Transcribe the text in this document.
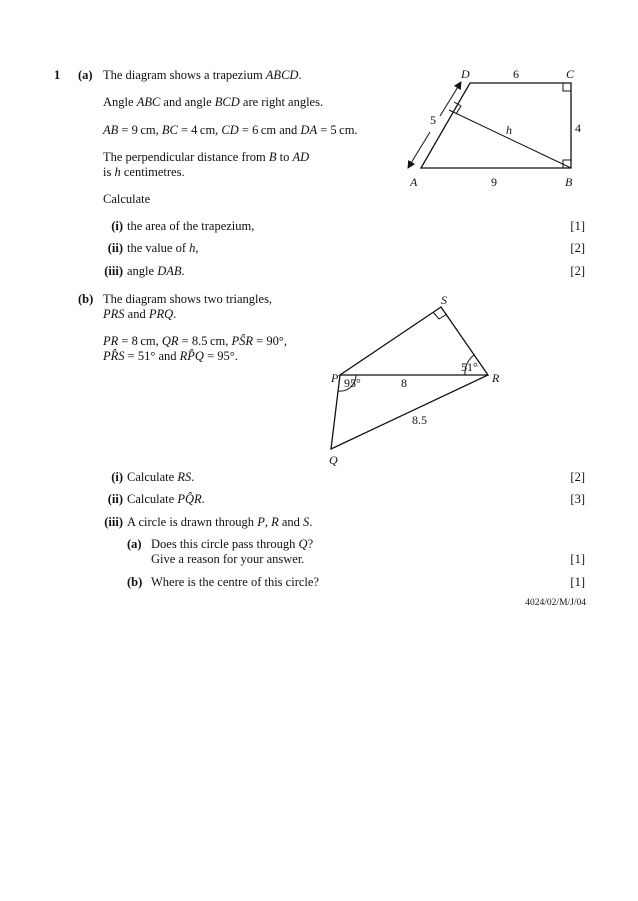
1 (a) The diagram shows a trapezium ABCD.
Angle ABC and angle BCD are right angles.
AB = 9 cm, BC = 4 cm, CD = 6 cm and DA = 5 cm.
The perpendicular distance from B to AD
is h centimetres.
Calculate
(i) the area of the trapezium,	[1]
(ii) the value of h,	[2]
(iii) angle DAB.	[2]
D	C
A	B
6
4
5
9
h
(b) The diagram shows two triangles,
PRS and PRQ.
PR = 8 cm, QR = 8.5 cm, PŜR = 90°,
PR̂S = 51° and RP̂Q = 95°.
S
P	R
Q
8
8.5
51°
95°
(i) Calculate RS.	[2]
(ii) Calculate PQ̂R.	[3]
(iii) A circle is drawn through P, R and S.
(a) Does this circle pass through Q?
Give a reason for your answer.	[1]
(b) Where is the centre of this circle?	[1]
4024/02/M/J/04
